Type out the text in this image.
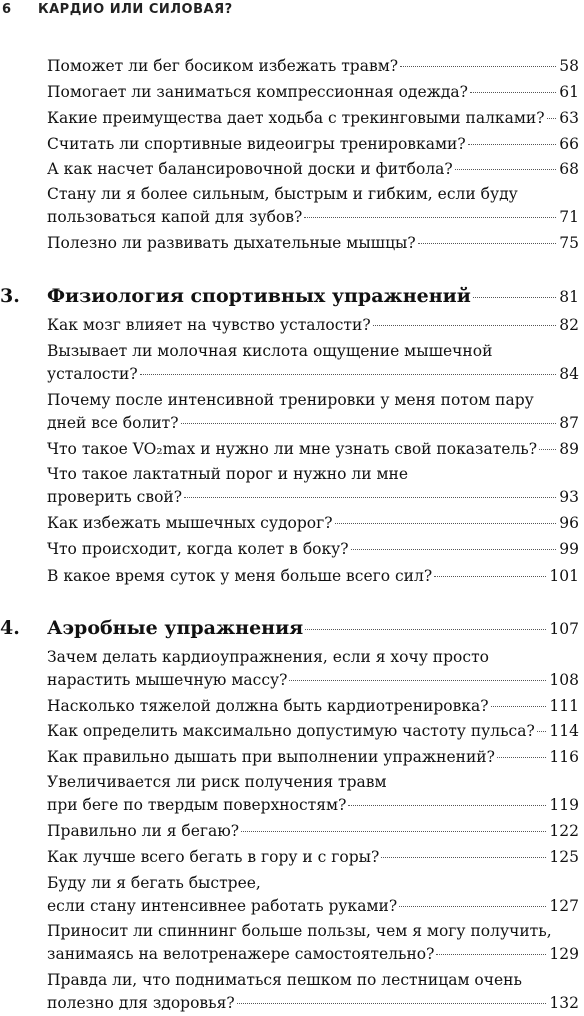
6 КАРДИО ИЛИ СИЛОВАЯ?
Поможет ли бег босиком избежать травм?	58
Помогает ли заниматься компрессионная одежда?	61
Какие преимущества дает ходьба с трекинговыми палками? 63
Считать ли спортивные видеоигры тренировками?	66
А как насчет балансировочной доски и фитбола?	68
Стану ли я более сильным, быстрым и гибким, если буду
пользоваться капой для зубов?	71
Полезно ли развивать дыхательные мышцы?	75
3. Физиология спортивных упражнений	81
Как мозг влияет на чувство усталости?	82
Вызывает ли молочная кислота ощущение мышечной
усталости?	84
Почему после интенсивной тренировки у меня потом пару
дней все болит?	87
Что такое VO₂max и нужно ли мне узнать свой показатель? 89
Что такое лактатный порог и нужно ли мне
проверить свой?	93
Как избежать мышечных судорог?	96
Что происходит, когда колет в боку?	99
В какое время суток у меня больше всего сил?	101
4. Аэробные упражнения	107
Зачем делать кардиоупражнения, если я хочу просто
нарастить мышечную массу?	108
Насколько тяжелой должна быть кардиотренировка?	111
Как определить максимально допустимую частоту пульса? 114
Как правильно дышать при выполнении упражнений?	116
Увеличивается ли риск получения травм
при беге по твердым поверхностям?	119
Правильно ли я бегаю?	122
Как лучше всего бегать в гору и с горы?	125
Буду ли я бегать быстрее,
если стану интенсивнее работать руками?	127
Приносит ли спиннинг больше пользы, чем я могу получить,
занимаясь на велотренажере самостоятельно?	129
Правда ли, что подниматься пешком по лестницам очень
полезно для здоровья?	132
